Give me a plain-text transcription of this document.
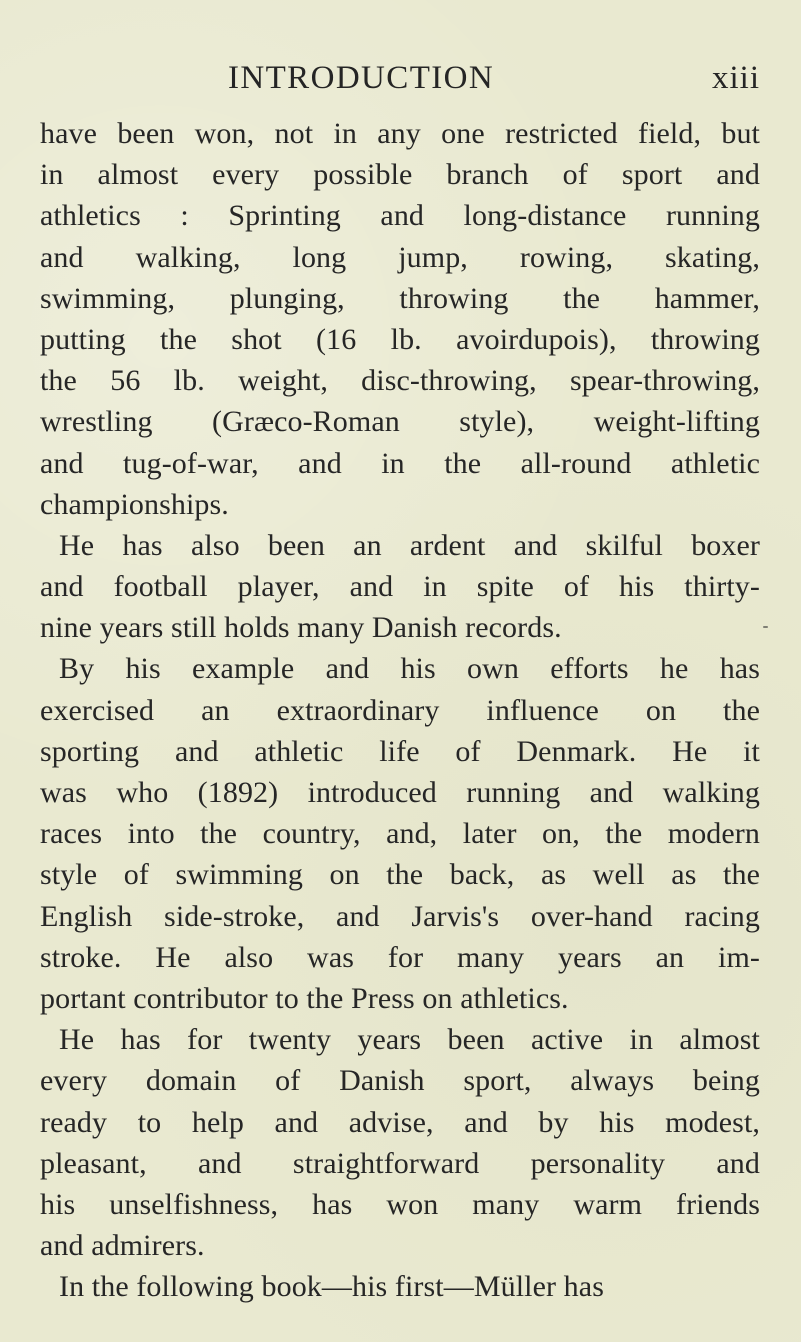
INTRODUCTION	xiii
have been won, not in any one restricted field, but
in almost every possible branch of sport and
athletics : Sprinting and long-distance running
and walking, long jump, rowing, skating,
swimming, plunging, throwing the hammer,
putting the shot (16 lb. avoirdupois), throwing
the 56 lb. weight, disc-throwing, spear-throwing,
wrestling (Græco-Roman style), weight-lifting
and tug-of-war, and in the all-round athletic
championships.
He has also been an ardent and skilful boxer
and football player, and in spite of his thirty-
nine years still holds many Danish records.
By his example and his own efforts he has
exercised an extraordinary influence on the
sporting and athletic life of Denmark. He it
was who (1892) introduced running and walking
races into the country, and, later on, the modern
style of swimming on the back, as well as the
English side-stroke, and Jarvis's over-hand racing
stroke. He also was for many years an im-
portant contributor to the Press on athletics.
He has for twenty years been active in almost
every domain of Danish sport, always being
ready to help and advise, and by his modest,
pleasant, and straightforward personality and
his unselfishness, has won many warm friends
and admirers.
In the following book—his first—Müller has
